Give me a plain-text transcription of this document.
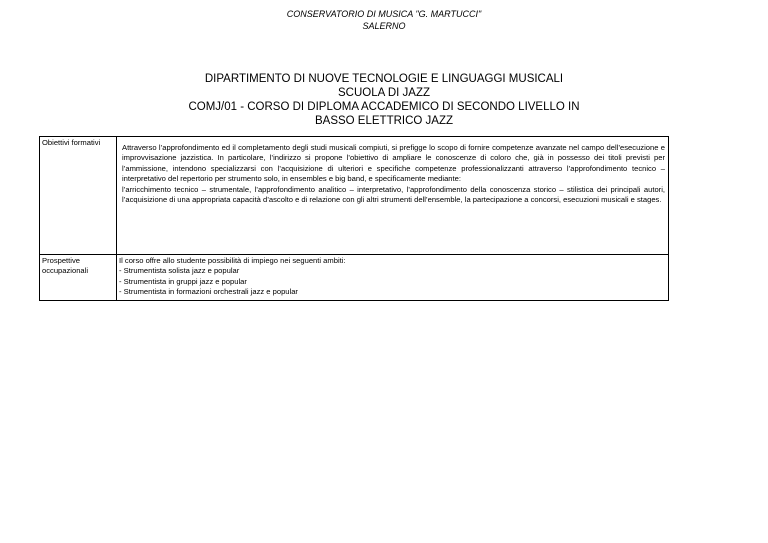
CONSERVATORIO DI MUSICA "G. MARTUCCI"
SALERNO
DIPARTIMENTO DI NUOVE TECNOLOGIE E LINGUAGGI MUSICALI
SCUOLA DI JAZZ
COMJ/01 - CORSO DI DIPLOMA ACCADEMICO DI SECONDO LIVELLO IN
BASSO ELETTRICO JAZZ
Obiettivi formativi	Attraverso l’approfondimento ed il completamento degli studi musicali compiuti, si prefigge lo scopo di fornire competenze avanzate nel campo dell’esecuzione e improvvisazione jazzistica. In particolare, l’indirizzo si propone l’obiettivo di ampliare le conoscenze di coloro che, già in possesso dei titoli previsti per l’ammissione, intendono specializzarsi con l’acquisizione di ulteriori e specifiche competenze professionalizzanti attraverso l’approfondimento tecnico – interpretativo del repertorio per strumento solo, in ensembles e big band, e specificamente mediante:

l’arricchimento tecnico – strumentale, l’approfondimento analitico – interpretativo, l’approfondimento della conoscenza storico – stilistica dei principali autori, l’acquisizione di una appropriata capacità d’ascolto e di relazione con gli altri strumenti dell’ensemble, la partecipazione a concorsi, esecuzioni musicali e stages.

Prospettive occupazionali	Il corso offre allo studente possibilità di impiego nei seguenti ambiti:
- Strumentista solista jazz e popular
- Strumentista in gruppi jazz e popular
- Strumentista in formazioni orchestrali jazz e popular
